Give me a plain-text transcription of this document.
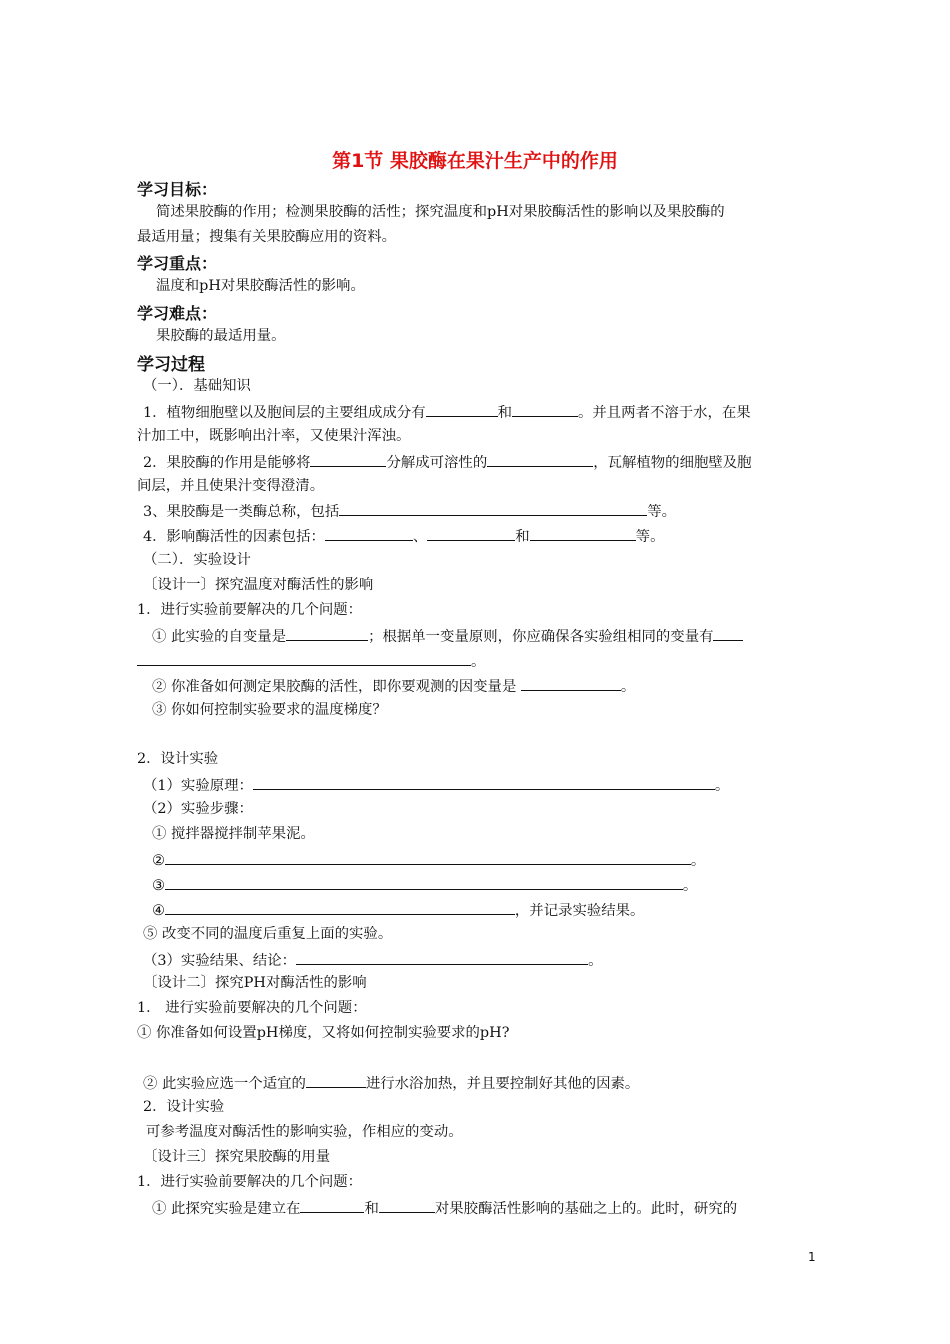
第1节 果胶酶在果汁生产中的作用
学习目标：
简述果胶酶的作用；检测果胶酶的活性；探究温度和pH对果胶酶活性的影响以及果胶酶的
最适用量；搜集有关果胶酶应用的资料。
学习重点：
温度和pH对果胶酶活性的影响。
学习难点：
果胶酶的最适用量。
学习过程
（一）．基础知识
1．植物细胞壁以及胞间层的主要组成成分有	和	。并且两者不溶于水，在果
汁加工中，既影响出汁率，又使果汁浑浊。
2．果胶酶的作用是能够将	分解成可溶性的	，瓦解植物的细胞壁及胞
间层，并且使果汁变得澄清。
3、果胶酶是一类酶总称，包括	等。
4．影响酶活性的因素包括：	、	和	等。
（二）．实验设计
〔设计一〕探究温度对酶活性的影响
1．进行实验前要解决的几个问题：
① 此实验的自变量是	；根据单一变量原则，你应确保各实验组相同的变量有
。
② 你准备如何测定果胶酶的活性，即你要观测的因变量是	。
③ 你如何控制实验要求的温度梯度？
2．设计实验
（1）实验原理：	。
（2）实验步骤：
① 搅拌器搅拌制苹果泥。
②	。
③	。
④	，并记录实验结果。
⑤ 改变不同的温度后重复上面的实验。
（3）实验结果、结论：	。
〔设计二〕探究PH对酶活性的影响
1． 进行实验前要解决的几个问题：
① 你准备如何设置pH梯度，又将如何控制实验要求的pH?
② 此实验应选一个适宜的	进行水浴加热，并且要控制好其他的因素。
2．设计实验
可参考温度对酶活性的影响实验，作相应的变动。
〔设计三〕探究果胶酶的用量
1．进行实验前要解决的几个问题：
① 此探究实验是建立在	和	对果胶酶活性影响的基础之上的。此时，研究的
1
